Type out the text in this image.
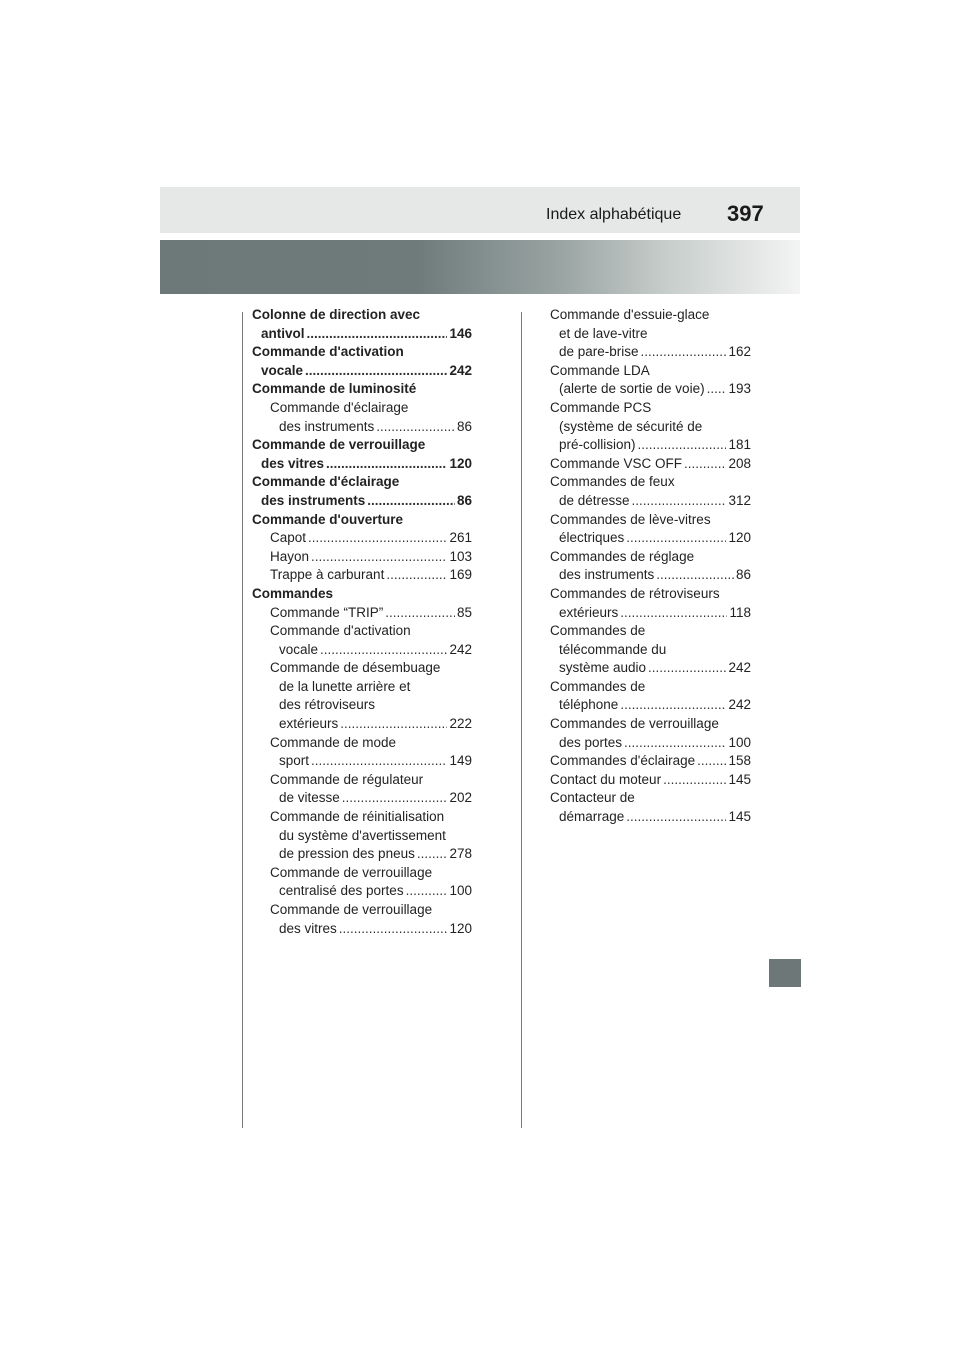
Index alphabétique 397
Colonne de direction avec
antivol .....	146
Commande d'activation
vocale .....	242
Commande de luminosité
Commande d'éclairage
des instruments .....	86
Commande de verrouillage
des vitres .....	120
Commande d'éclairage
des instruments .....	86
Commande d'ouverture
Capot .....	261
Hayon .....	103
Trappe à carburant .....	169
Commandes
Commande “TRIP” .....	85
Commande d'activation
vocale .....	242
Commande de désembuage
de la lunette arrière et
des rétroviseurs
extérieurs .....	222
Commande de mode
sport .....	149
Commande de régulateur
de vitesse .....	202
Commande de réinitialisation
du système d'avertissement
de pression des pneus .....	278
Commande de verrouillage
centralisé des portes .....	100
Commande de verrouillage
des vitres .....	120
Commande d'essuie-glace
et de lave-vitre
de pare-brise .....	162
Commande LDA
(alerte de sortie de voie) ..... 193
Commande PCS
(système de sécurité de
pré-collision) .....	181
Commande VSC OFF .....	208
Commandes de feux
de détresse .....	312
Commandes de lève-vitres
électriques .....	120
Commandes de réglage
des instruments .....	86
Commandes de rétroviseurs
extérieurs .....	118
Commandes de
télécommande du
système audio .....	242
Commandes de
téléphone .....	242
Commandes de verrouillage
des portes .....	100
Commandes d'éclairage ..... 158
Contact du moteur .....	145
Contacteur de
démarrage .....	145
